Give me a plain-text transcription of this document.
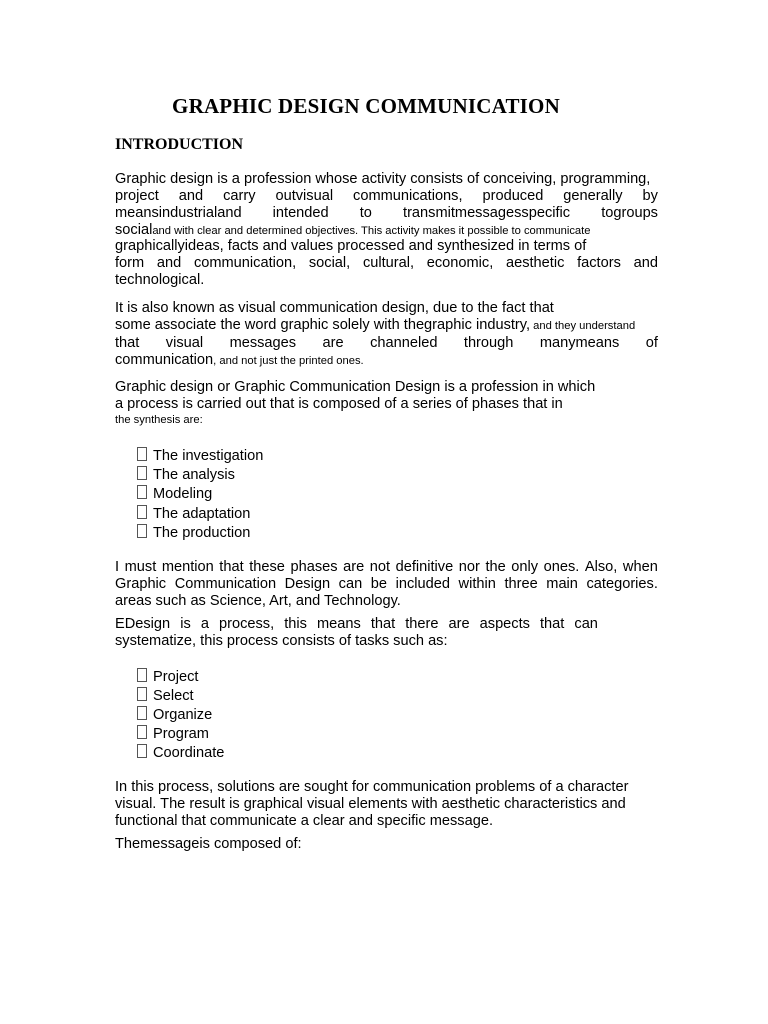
GRAPHIC DESIGN COMMUNICATION
INTRODUCTION
Graphic design is a profession whose activity consists of conceiving, programming,
project and carry outvisual communications, produced generally by
meansindustrialand intended to transmitmessagesspecific togroups
socialand with clear and determined objectives. This activity makes it possible to communicate
graphicallyideas, facts and values processed and synthesized in terms of
form and communication, social, cultural, economic, aesthetic factors and
technological.
It is also known as visual communication design, due to the fact that
some associate the word graphic solely with thegraphic industry, and they understand
that visual messages are channeled through manymeans of
communication, and not just the printed ones.
Graphic design or Graphic Communication Design is a profession in which
a process is carried out that is composed of a series of phases that in
the synthesis are:
The investigation
The analysis
Modeling
The adaptation
The production
I must mention that these phases are not definitive nor the only ones. Also, when
Graphic Communication Design can be included within three main categories.
areas such as Science, Art, and Technology.
EDesign is a process, this means that there are aspects that can
systematize, this process consists of tasks such as:
Project
Select
Organize
Program
Coordinate
In this process, solutions are sought for communication problems of a character
visual. The result is graphical visual elements with aesthetic characteristics and
functional that communicate a clear and specific message.
Themessageis composed of:
